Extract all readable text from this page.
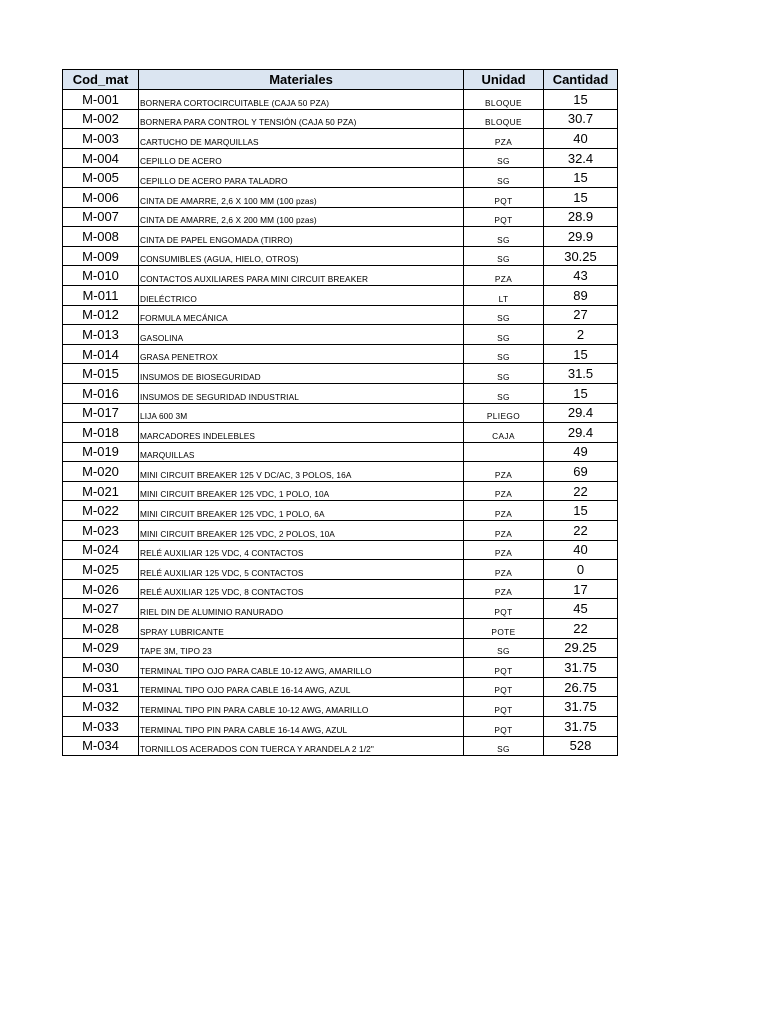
Cod_mat	Materiales	Unidad	Cantidad
M-001	BORNERA CORTOCIRCUITABLE (CAJA 50 PZA)	BLOQUE	15
M-002	BORNERA PARA CONTROL Y TENSIÓN (CAJA 50 PZA)	BLOQUE	30.7
M-003	CARTUCHO DE MARQUILLAS	PZA	40
M-004	CEPILLO DE ACERO	SG	32.4
M-005	CEPILLO DE ACERO PARA TALADRO	SG	15
M-006	CINTA DE AMARRE, 2,6 X 100 MM (100 pzas)	PQT	15
M-007	CINTA DE AMARRE, 2,6 X 200 MM (100 pzas)	PQT	28.9
M-008	CINTA DE PAPEL ENGOMADA (TIRRO)	SG	29.9
M-009	CONSUMIBLES (AGUA, HIELO, OTROS)	SG	30.25
M-010	CONTACTOS AUXILIARES PARA MINI CIRCUIT BREAKER	PZA	43
M-011	DIELÉCTRICO	LT	89
M-012	FORMULA MECÁNICA	SG	27
M-013	GASOLINA	SG	2
M-014	GRASA PENETROX	SG	15
M-015	INSUMOS DE BIOSEGURIDAD	SG	31.5
M-016	INSUMOS DE SEGURIDAD INDUSTRIAL	SG	15
M-017	LIJA 600 3M	PLIEGO	29.4
M-018	MARCADORES INDELEBLES	CAJA	29.4
M-019	MARQUILLAS		49
M-020	MINI CIRCUIT BREAKER 125 V DC/AC, 3 POLOS, 16A	PZA	69
M-021	MINI CIRCUIT BREAKER 125 VDC, 1 POLO, 10A	PZA	22
M-022	MINI CIRCUIT BREAKER 125 VDC, 1 POLO, 6A	PZA	15
M-023	MINI CIRCUIT BREAKER 125 VDC, 2 POLOS, 10A	PZA	22
M-024	RELÉ AUXILIAR 125 VDC, 4 CONTACTOS	PZA	40
M-025	RELÉ AUXILIAR 125 VDC, 5 CONTACTOS	PZA	0
M-026	RELÉ AUXILIAR 125 VDC, 8 CONTACTOS	PZA	17
M-027	RIEL DIN DE ALUMINIO RANURADO	PQT	45
M-028	SPRAY LUBRICANTE	POTE	22
M-029	TAPE 3M, TIPO 23	SG	29.25
M-030	TERMINAL TIPO OJO PARA CABLE 10-12 AWG, AMARILLO	PQT	31.75
M-031	TERMINAL TIPO OJO PARA CABLE 16-14 AWG, AZUL	PQT	26.75
M-032	TERMINAL TIPO PIN PARA CABLE 10-12 AWG, AMARILLO	PQT	31.75
M-033	TERMINAL TIPO PIN PARA CABLE 16-14 AWG, AZUL	PQT	31.75
M-034	TORNILLOS ACERADOS CON TUERCA Y ARANDELA 2 1/2"	SG	528
